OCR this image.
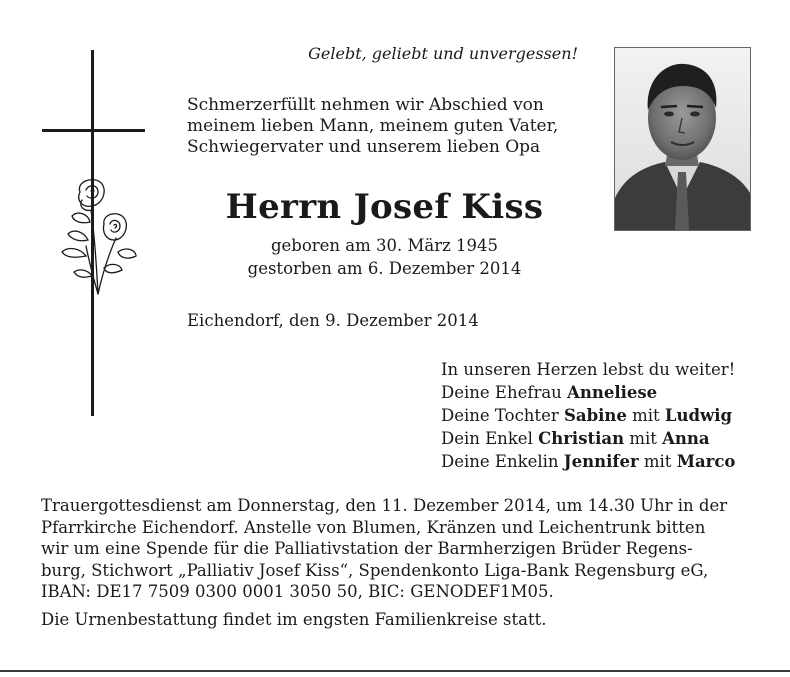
Gelebt, geliebt und unvergessen!
Schmerzerfüllt nehmen wir Abschied von
meinem lieben Mann, meinem guten Vater,
Schwiegervater und unserem lieben Opa
Herrn Josef Kiss
geboren am 30. März 1945
gestorben am 6. Dezember 2014
Eichendorf, den 9. Dezember 2014
In unseren Herzen lebst du weiter!
Deine Ehefrau Anneliese
Deine Tochter Sabine mit Ludwig
Dein Enkel Christian mit Anna
Deine Enkelin Jennifer mit Marco
Trauergottesdienst am Donnerstag, den 11. Dezember 2014, um 14.30 Uhr in der
Pfarrkirche Eichendorf. Anstelle von Blumen, Kränzen und Leichentrunk bitten
wir um eine Spende für die Palliativstation der Barmherzigen Brüder Regens-
burg, Stichwort „Palliativ Josef Kiss“, Spendenkonto Liga-Bank Regensburg eG,
IBAN: DE17 7509 0300 0001 3050 50, BIC: GENODEF1M05.
Die Urnenbestattung findet im engsten Familienkreise statt.
